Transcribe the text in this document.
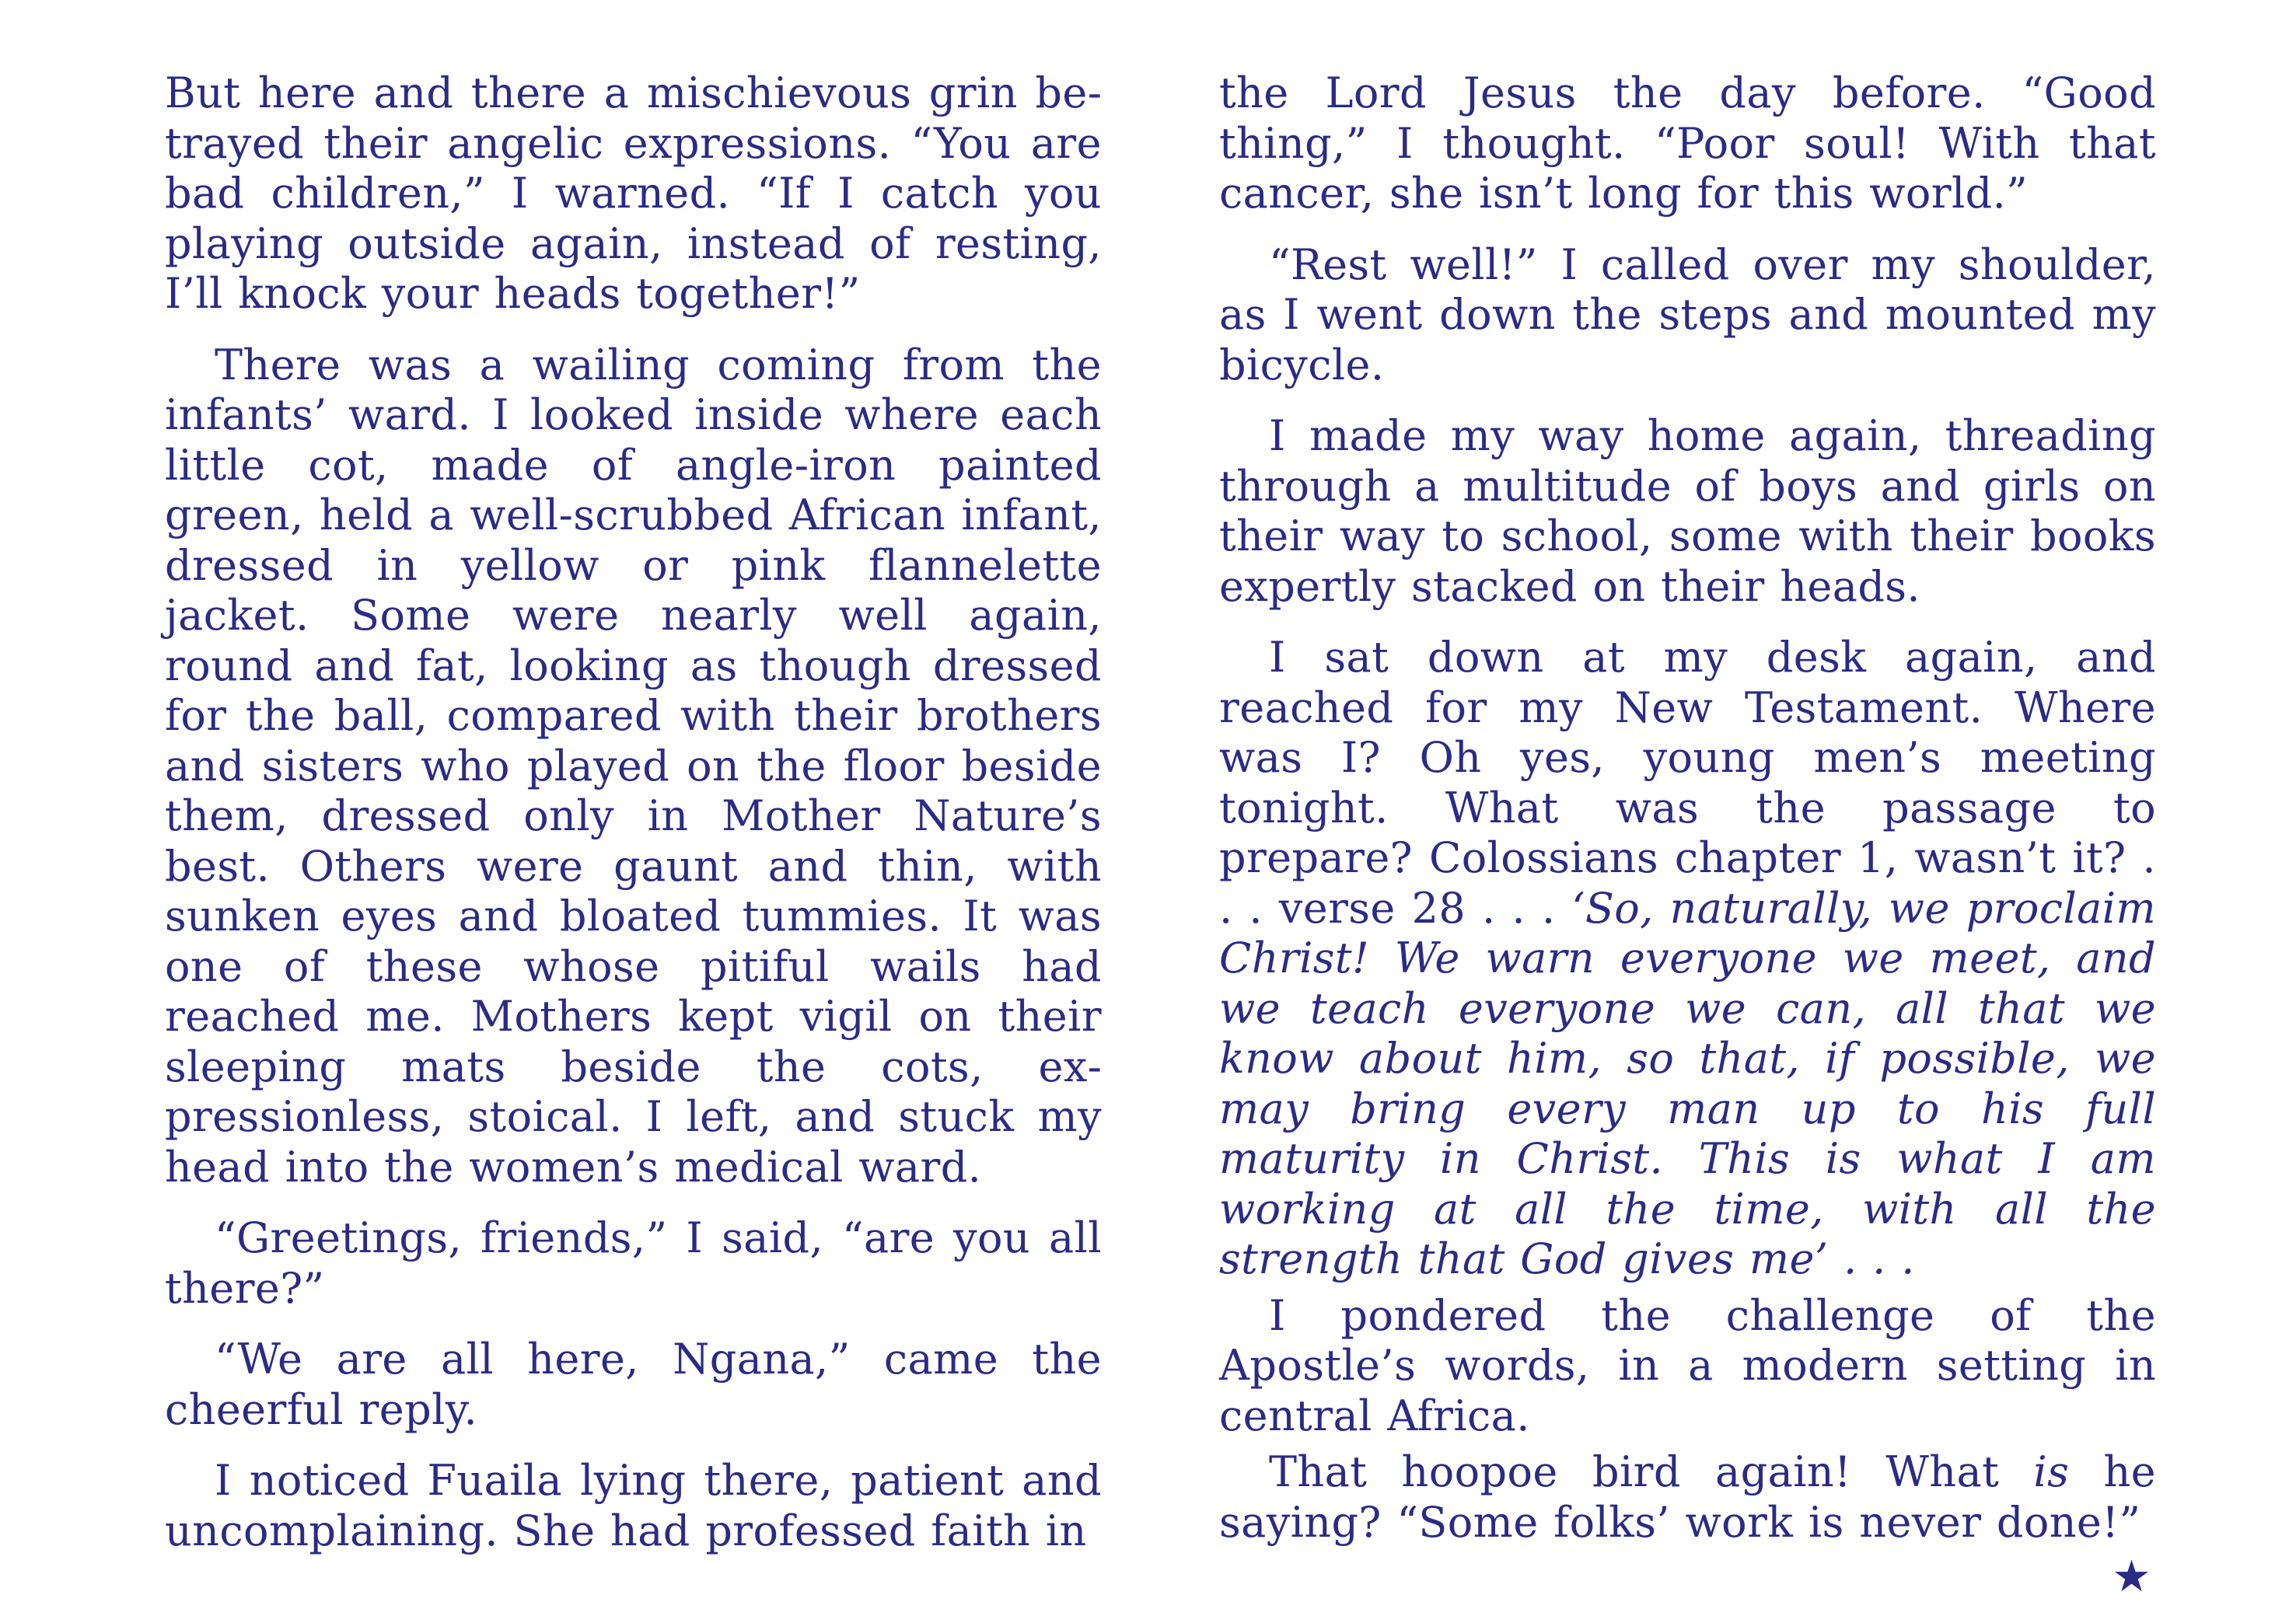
But here and there a mischievous grin betrayed their angelic expressions. “You are bad children,” I warned. “If I catch you playing outside again, instead of resting, I’ll knock your heads together!”

There was a wailing coming from the infants’ ward. I looked inside where each little cot, made of angle-iron painted green, held a well-scrubbed African infant, dressed in yellow or pink flannelette jacket. Some were nearly well again, round and fat, looking as though dressed for the ball, compared with their brothers and sisters who played on the floor beside them, dressed only in Mother Nature’s best. Others were gaunt and thin, with sunken eyes and bloated tummies. It was one of these whose pitiful wails had reached me. Mothers kept vigil on their sleeping mats beside the cots, expressionless, stoical. I left, and stuck my head into the women’s medical ward.

“Greetings, friends,” I said, “are you all there?”

“We are all here, Ngana,” came the cheerful reply.

I noticed Fuaila lying there, patient and uncomplaining. She had professed faith in

the Lord Jesus the day before. “Good thing,” I thought. “Poor soul! With that cancer, she isn’t long for this world.”

“Rest well!” I called over my shoulder, as I went down the steps and mounted my bicycle.

I made my way home again, threading through a multitude of boys and girls on their way to school, some with their books expertly stacked on their heads.

I sat down at my desk again, and reached for my New Testament. Where was I? Oh yes, young men’s meeting tonight. What was the passage to prepare? Colossians chapter 1, wasn’t it? . . . verse 28 . . . ‘So, naturally, we proclaim Christ! We warn everyone we meet, and we teach everyone we can, all that we know about him, so that, if possible, we may bring every man up to his full maturity in Christ. This is what I am working at all the time, with all the strength that God gives me’ . . .

I pondered the challenge of the Apostle’s words, in a modern setting in central Africa.

That hoopoe bird again! What is he saying? “Some folks’ work is never done!”

★
